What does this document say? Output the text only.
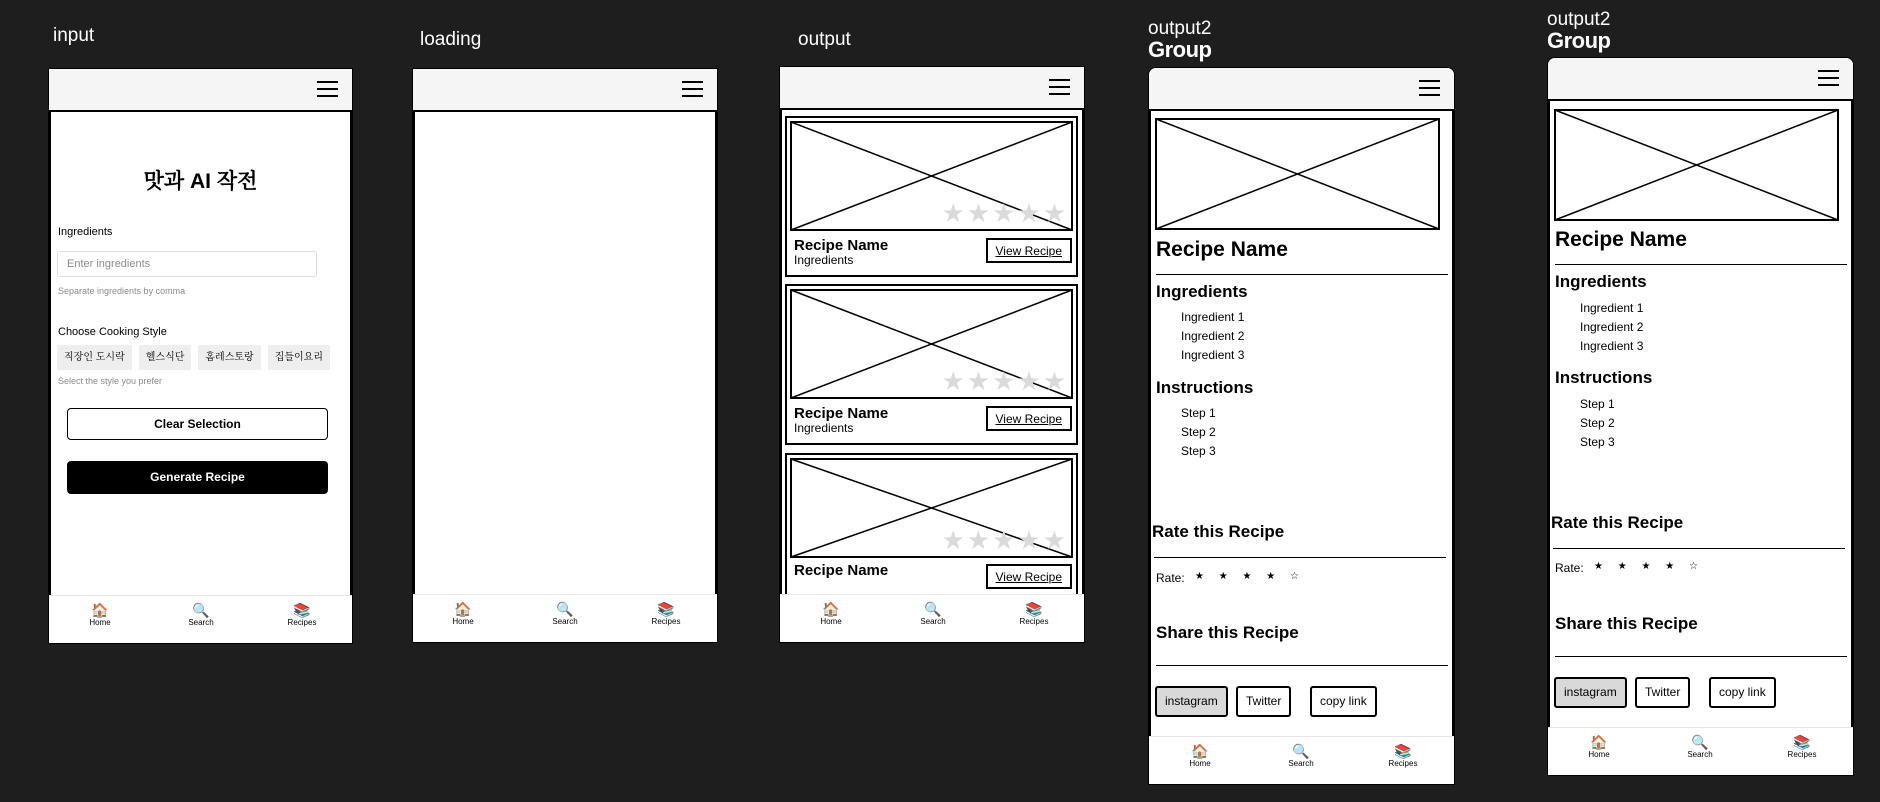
input	loading	output
output2
Group
output2
Group
맛과 AI 작전
Ingredients
Enter ingredients
Separate ingredients by comma
Choose Cooking Style
직장인 도시락 헬스식단 홈레스토랑 집들이요리
Select the style you prefer
Clear Selection
Generate Recipe
🏠
Home
🔍
Search
📚
Recipes
🏠
Home
🔍
Search
📚
Recipes
★★★★★
Recipe Name
Ingredients
View Recipe
★★★★★
Recipe Name
Ingredients
View Recipe
★★★★★
Recipe Name	View Recipe
🏠
Home
🔍
Search
📚
Recipes
Recipe Name
Ingredients
Ingredient 1
Ingredient 2
Ingredient 3
Instructions
Step 1
Step 2
Step 3
Rate this Recipe
Rate: ★ ★ ★ ★ ☆
Share this Recipe
instagram	Twitter	copy link
🏠
Home
🔍
Search
📚
Recipes
Recipe Name
Ingredients
Ingredient 1
Ingredient 2
Ingredient 3
Instructions
Step 1
Step 2
Step 3
Rate this Recipe
Rate: ★ ★ ★ ★ ☆
Share this Recipe
instagram	Twitter	copy link
🏠
Home
🔍
Search
📚
Recipes
